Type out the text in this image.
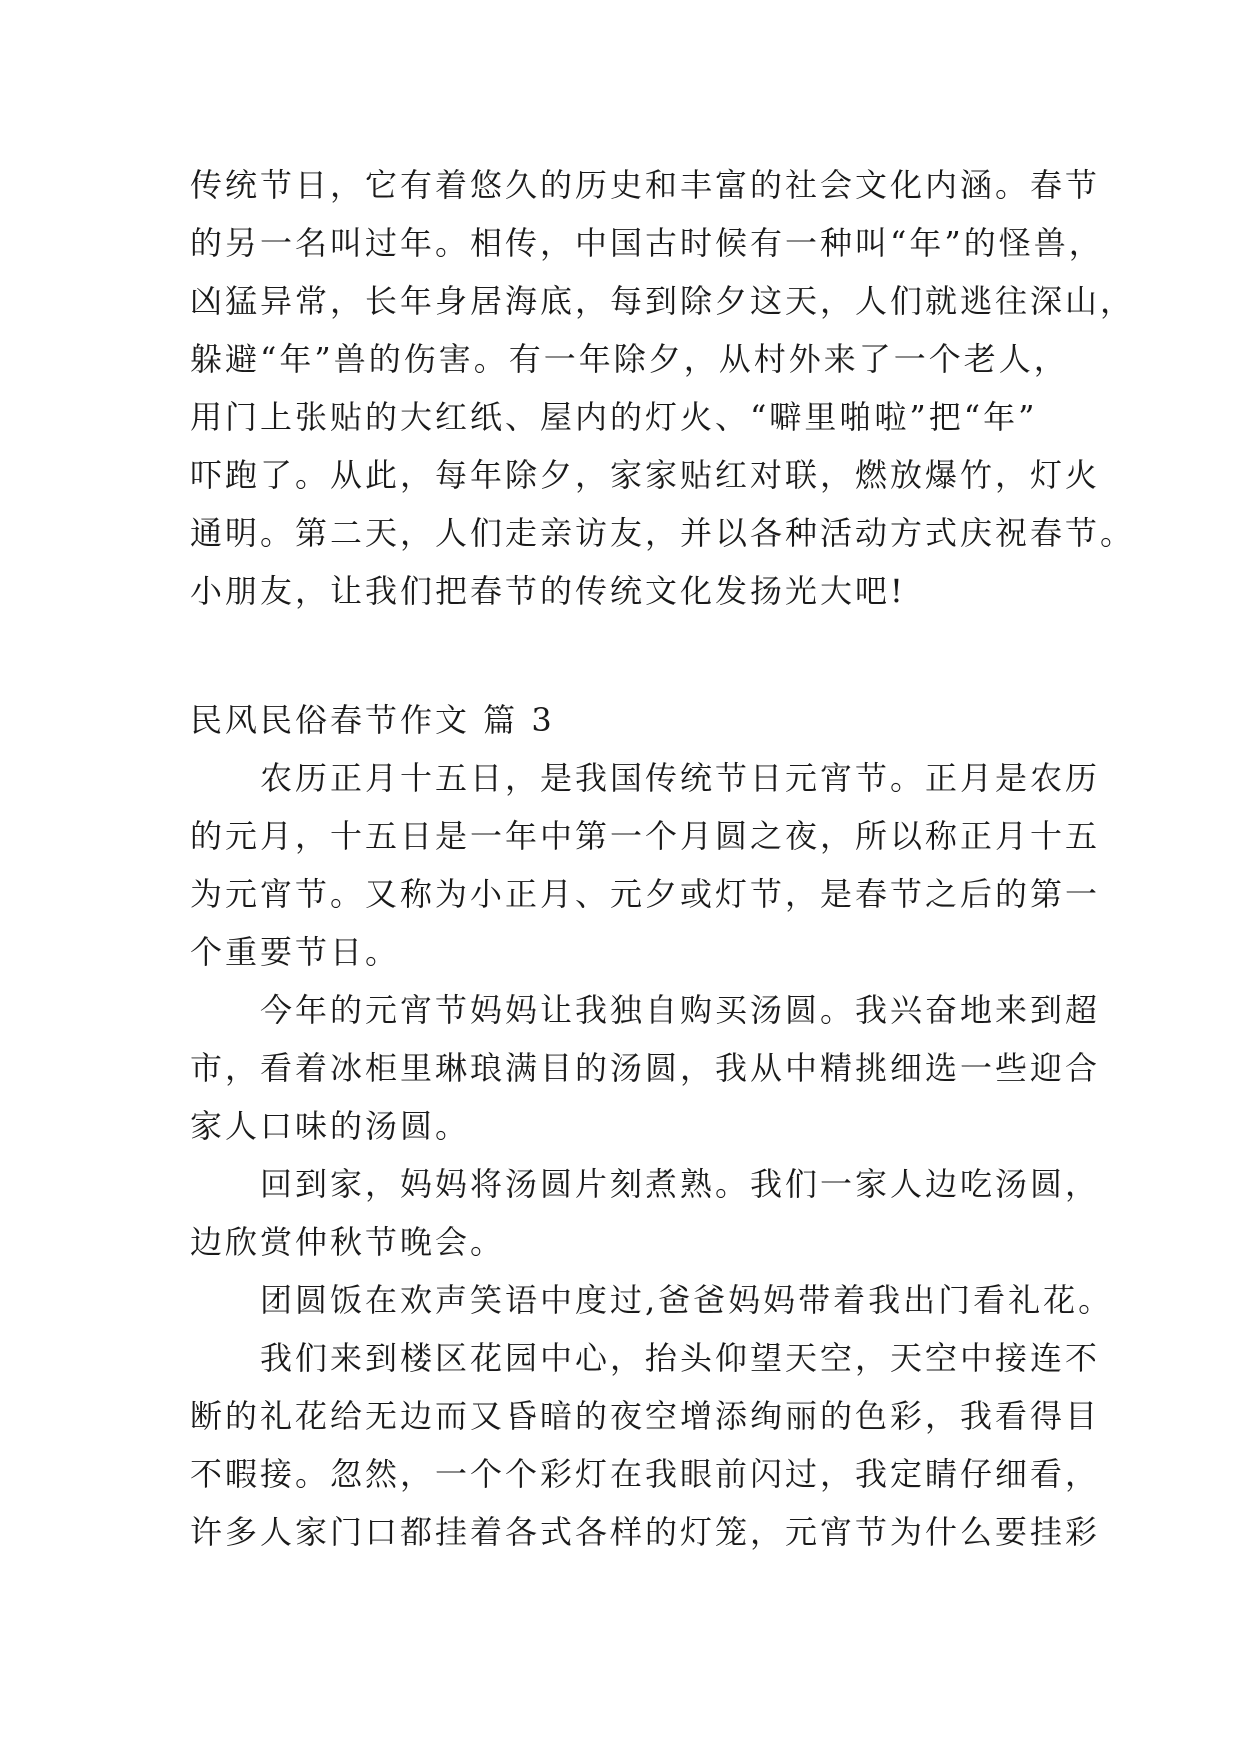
传统节日，它有着悠久的历史和丰富的社会文化内涵。春节

的另一名叫过年。相传，中国古时候有一种叫“年”的怪兽，

凶猛异常，长年身居海底，每到除夕这天，人们就逃往深山，

躲避“年”兽的伤害。有一年除夕，从村外来了一个老人，

用门上张贴的大红纸、屋内的灯火、“噼里啪啦”把“年”

吓跑了。从此，每年除夕，家家贴红对联，燃放爆竹，灯火

通明。第二天，人们走亲访友，并以各种活动方式庆祝春节。

小朋友，让我们把春节的传统文化发扬光大吧!

民风民俗春节作文 篇 3

　　农历正月十五日，是我国传统节日元宵节。正月是农历

的元月，十五日是一年中第一个月圆之夜，所以称正月十五

为元宵节。又称为小正月、元夕或灯节，是春节之后的第一

个重要节日。

　　今年的元宵节妈妈让我独自购买汤圆。我兴奋地来到超

市，看着冰柜里琳琅满目的汤圆，我从中精挑细选一些迎合

家人口味的汤圆。

　　回到家，妈妈将汤圆片刻煮熟。我们一家人边吃汤圆，

边欣赏仲秋节晚会。

　　团圆饭在欢声笑语中度过,爸爸妈妈带着我出门看礼花。

　　我们来到楼区花园中心，抬头仰望天空，天空中接连不

断的礼花给无边而又昏暗的夜空增添绚丽的色彩，我看得目

不暇接。忽然，一个个彩灯在我眼前闪过，我定睛仔细看，

许多人家门口都挂着各式各样的灯笼，元宵节为什么要挂彩
